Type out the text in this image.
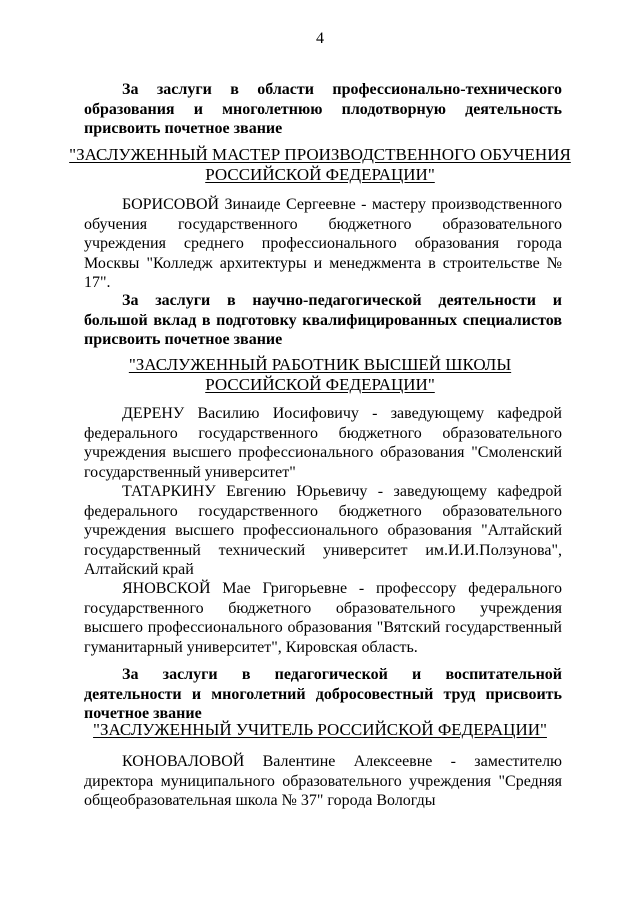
4
За заслуги в области профессионально-технического образования и многолетнюю плодотворную деятельность присвоить почетное звание
"ЗАСЛУЖЕННЫЙ МАСТЕР ПРОИЗВОДСТВЕННОГО ОБУЧЕНИЯ
РОССИЙСКОЙ ФЕДЕРАЦИИ"
БОРИСОВОЙ Зинаиде Сергеевне - мастеру производственного обучения государственного бюджетного образовательного учреждения среднего профессионального образования города Москвы "Колледж архитектуры и менеджмента в строительстве № 17".
За заслуги в научно-педагогической деятельности и большой вклад в подготовку квалифицированных специалистов присвоить почетное звание
"ЗАСЛУЖЕННЫЙ РАБОТНИК ВЫСШЕЙ ШКОЛЫ
РОССИЙСКОЙ ФЕДЕРАЦИИ"
ДЕРЕНУ Василию Иосифовичу - заведующему кафедрой федерального государственного бюджетного образовательного учреждения высшего профессионального образования "Смоленский государственный университет"
ТАТАРКИНУ Евгению Юрьевичу - заведующему кафедрой федерального государственного бюджетного образовательного учреждения высшего профессионального образования "Алтайский государственный технический университет им.И.И.Ползунова", Алтайский край
ЯНОВСКОЙ Мае Григорьевне - профессору федерального государственного бюджетного образовательного учреждения высшего профессионального образования "Вятский государственный гуманитарный университет", Кировская область.
За заслуги в педагогической и воспитательной деятельности и многолетний добросовестный труд присвоить почетное звание
"ЗАСЛУЖЕННЫЙ УЧИТЕЛЬ РОССИЙСКОЙ ФЕДЕРАЦИИ"
КОНОВАЛОВОЙ Валентине Алексеевне - заместителю директора муниципального образовательного учреждения "Средняя общеобразовательная школа № 37" города Вологды
